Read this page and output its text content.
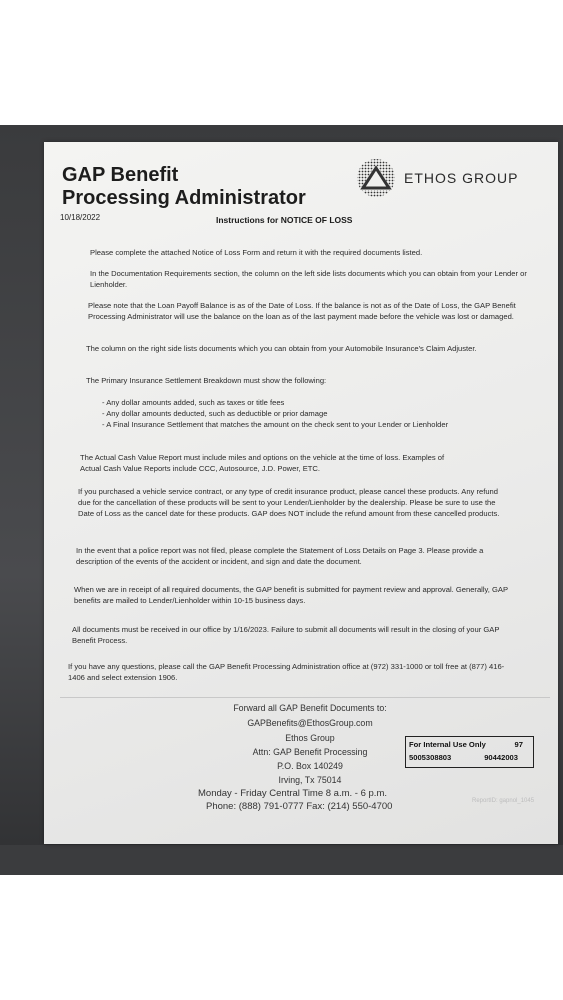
GAP Benefit
Processing Administrator
ETHOS GROUP
10/18/2022	Instructions for NOTICE OF LOSS

Please complete the attached Notice of Loss Form and return it with the required documents listed.

In the Documentation Requirements section, the column on the left side lists documents which you can obtain from your Lender or Lienholder.

Please note that the Loan Payoff Balance is as of the Date of Loss. If the balance is not as of the Date of Loss, the GAP Benefit Processing Administrator will use the balance on the loan as of the last payment made before the vehicle was lost or damaged.

The column on the right side lists documents which you can obtain from your Automobile Insurance's Claim Adjuster.

The Primary Insurance Settlement Breakdown must show the following:

- Any dollar amounts added, such as taxes or title fees

- Any dollar amounts deducted, such as deductible or prior damage

- A Final Insurance Settlement that matches the amount on the check sent to your Lender or Lienholder

The Actual Cash Value Report must include miles and options on the vehicle at the time of loss. Examples of Actual Cash Value Reports include CCC, Autosource, J.D. Power, ETC.

If you purchased a vehicle service contract, or any type of credit insurance product, please cancel these products. Any refund due for the cancellation of these products will be sent to your Lender/Lienholder by the dealership. Please be sure to use the Date of Loss as the cancel date for these products. GAP does NOT include the refund amount from these cancelled products.

In the event that a police report was not filed, please complete the Statement of Loss Details on Page 3. Please provide a description of the events of the accident or incident, and sign and date the document.

When we are in receipt of all required documents, the GAP benefit is submitted for payment review and approval. Generally, GAP benefits are mailed to Lender/Lienholder within 10-15 business days.

All documents must be received in our office by 1/16/2023. Failure to submit all documents will result in the closing of your GAP Benefit Process.

If you have any questions, please call the GAP Benefit Processing Administration office at (972) 331-1000 or toll free at (877) 416-1406 and select extension 1906.

Forward all GAP Benefit Documents to:
GAPBenefits@EthosGroup.com
Ethos Group
Attn: GAP Benefit Processing
P.O. Box 140249
Irving, Tx 75014
Monday - Friday Central Time 8 a.m. - 6 p.m.
Phone: (888) 791-0777 Fax: (214) 550-4700
For Internal Use Only	97
5005308803	90442003
ReportID: gapnol_1045
